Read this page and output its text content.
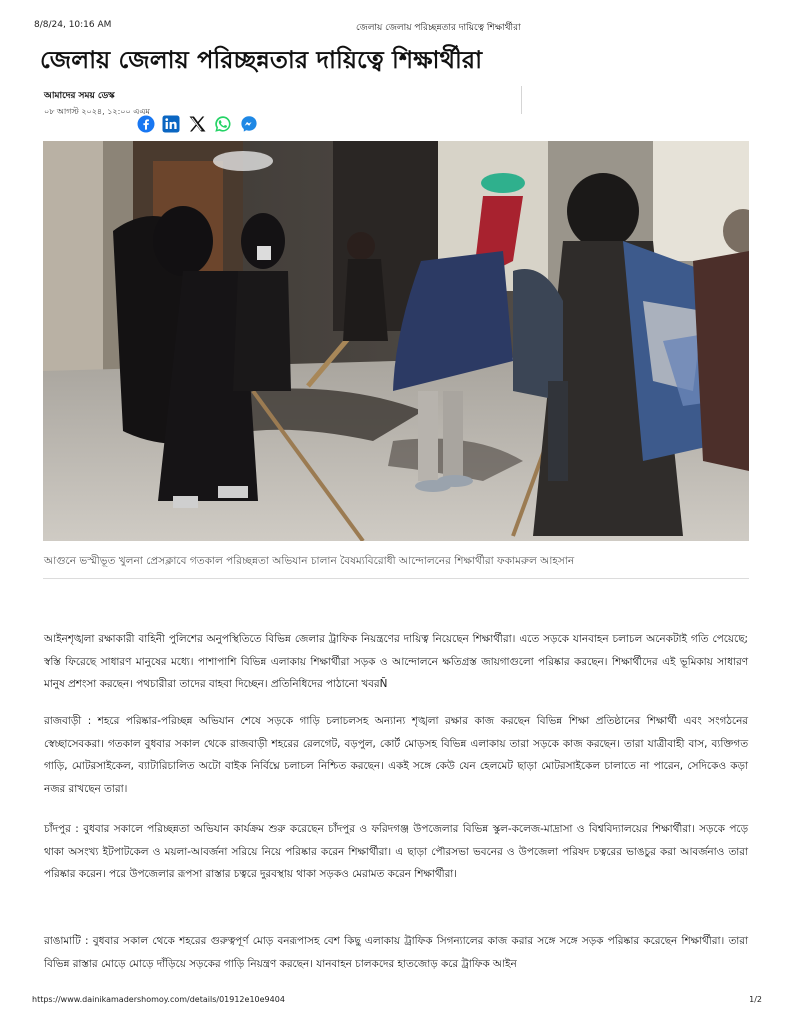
8/8/24, 10:16 AM	জেলায় জেলায় পরিচ্ছন্নতার দায়িত্বে শিক্ষার্থীরা
জেলায় জেলায় পরিচ্ছন্নতার দায়িত্বে শিক্ষার্থীরা
আমাদের সময় ডেস্ক
০৮ আগস্ট ২০২৪, ১২:০০ এএম
আগুনে ভস্মীভূত খুলনা প্রেসক্লাবে গতকাল পরিচ্ছন্নতা অভিযান চালান বৈষম্যবিরোধী আন্দোলনের শিক্ষার্থীরা ফকামরুল আহসান

আইনশৃঙ্খলা রক্ষাকারী বাহিনী পুলিশের অনুপস্থিতিতে বিভিন্ন জেলার ট্রাফিক নিয়ন্ত্রণের দায়িত্ব নিয়েছেন শিক্ষার্থীরা। এতে সড়কে যানবাহন চলাচল অনেকটাই গতি পেয়েছে; স্বস্তি ফিরেছে সাধারণ মানুষের মধ্যে। পাশাপাশি বিভিন্ন এলাকায় শিক্ষার্থীরা সড়ক ও আন্দোলনে ক্ষতিগ্রস্ত জায়গাগুলো পরিষ্কার করছেন। শিক্ষার্থীদের এই ভূমিকায় সাধারণ মানুষ প্রশংসা করছেন। পথচারীরা তাদের বাহবা দিচ্ছেন। প্রতিনিধিদের পাঠানো খবরÑ

রাজবাড়ী : শহরে পরিষ্কার-পরিচ্ছন্ন অভিযান শেষে সড়কে গাড়ি চলাচলসহ অন্যান্য শৃঙ্খলা রক্ষার কাজ করছেন বিভিন্ন শিক্ষা প্রতিষ্ঠানের শিক্ষার্থী এবং সংগঠনের স্বেচ্ছাসেবকরা। গতকাল বুধবার সকাল থেকে রাজবাড়ী শহরের রেলগেট, বড়পুল, কোর্ট মোড়সহ বিভিন্ন এলাকায় তারা সড়কে কাজ করছেন। তারা যাত্রীবাহী বাস, ব্যক্তিগত গাড়ি, মোটরসাইকেল, ব্যাটারিচালিত অটো বাইক নির্বিঘ্নে চলাচল নিশ্চিত করছেন। একই সঙ্গে কেউ যেন হেলমেট ছাড়া মোটরসাইকেল চালাতে না পারেন, সেদিকেও কড়া নজর রাখছেন তারা।

চাঁদপুর : বুধবার সকালে পরিচ্ছন্নতা অভিযান কার্যক্রম শুরু করেছেন চাঁদপুর ও ফরিদগঞ্জ উপজেলার বিভিন্ন স্কুল-কলেজ-মাদ্রাসা ও বিশ্ববিদ্যালয়ের শিক্ষার্থীরা। সড়কে পড়ে থাকা অসংখ্য ইটপাটকেল ও ময়লা-আবর্জনা সরিয়ে নিয়ে পরিষ্কার করেন শিক্ষার্থীরা। এ ছাড়া পৌরসভা ভবনের ও উপজেলা পরিষদ চত্বরের ভাঙচুর করা আবর্জনাও তারা পরিষ্কার করেন। পরে উপজেলার রূপসা রাস্তার চত্বরে দুরবস্থায় থাকা সড়কও মেরামত করেন শিক্ষার্থীরা।

রাঙামাটি : বুধবার সকাল থেকে শহরের গুরুত্বপূর্ণ মোড় বনরূপাসহ বেশ কিছু এলাকায় ট্রাফিক সিগন্যালের কাজ করার সঙ্গে সঙ্গে সড়ক পরিষ্কার করেছেন শিক্ষার্থীরা। তারা বিভিন্ন রাস্তার মোড়ে মোড়ে দাঁড়িয়ে সড়কের গাড়ি নিয়ন্ত্রণ করছেন। যানবাহন চালকদের হাতজোড় করে ট্রাফিক আইন

https://www.dainikamadershomoy.com/details/01912e10e9404	1/2
